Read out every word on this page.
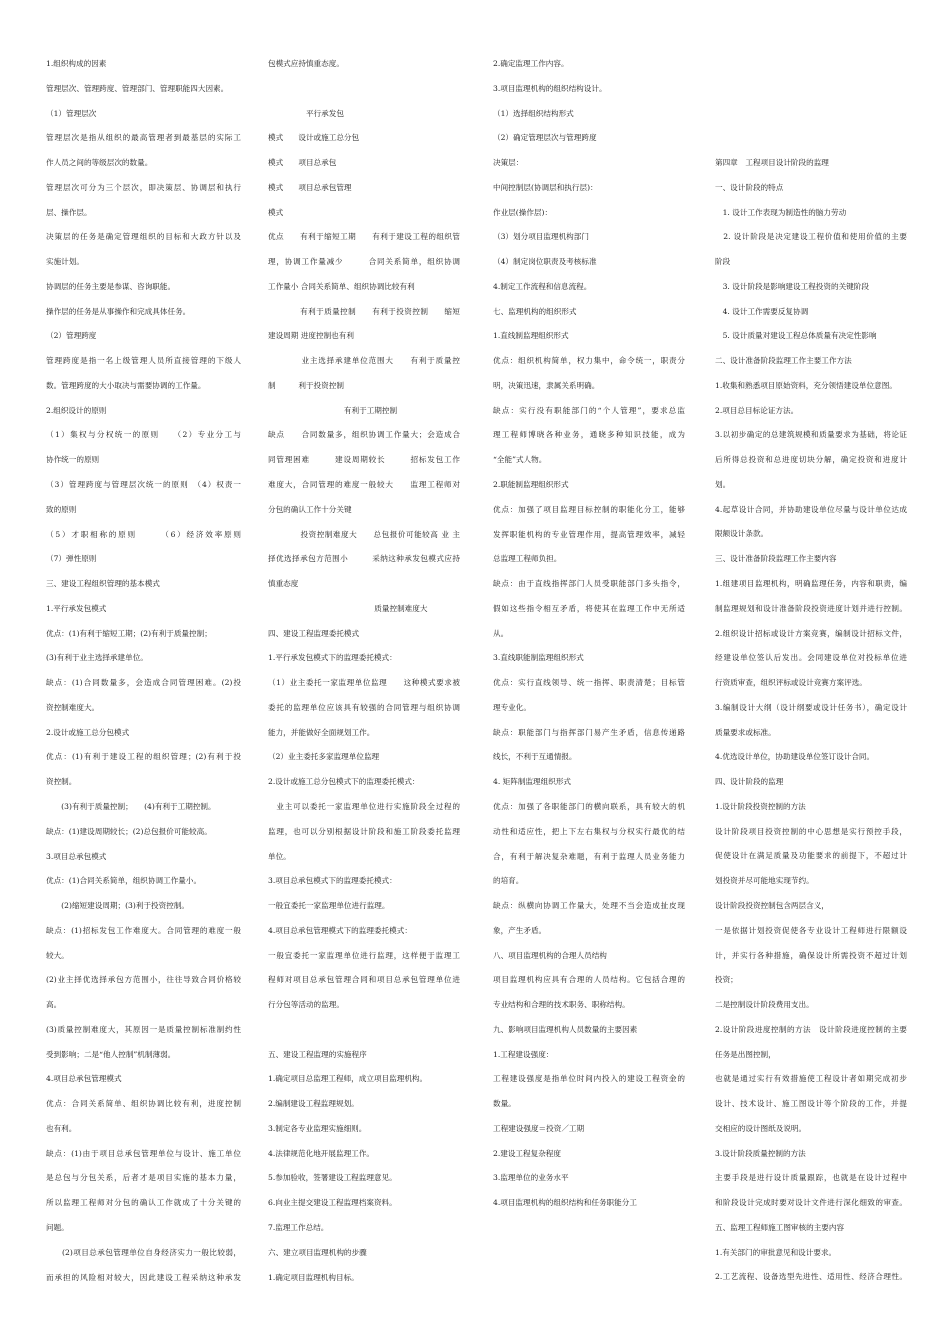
1.组织构成的因素
管理层次、管理跨度、管理部门、管理职能四大因素。
（1）管理层次
管理层次是指从组织的最高管理者到最基层的实际工
作人员之间的等级层次的数量。
管理层次可分为三个层次，即决策层、协调层和执行
层、操作层。
决策层的任务是确定管理组织的目标和大政方针以及
实施计划。
协调层的任务主要是参谋、咨询职能。
操作层的任务是从事操作和完成具体任务。
（2）管理跨度
管理跨度是指一名上级管理人员所直接管理的下级人
数。管理跨度的大小取决与需要协调的工作量。
2.组织设计的原则
（1）集权与分权统一的原则　　（2）专业分工与
协作统一的原则
（3）管理跨度与管理层次统一的原则　（4）权责一
致的原则
（5）才职相称的原则　　　（6）经济效率原则
（7）弹性原则
三、建设工程组织管理的基本模式
1.平行承发包模式
优点：(1)有利于缩短工期；(2)有利于质量控制；
(3)有利于业主选择承建单位。
缺点：(1)合同数量多，会造成合同管理困难。(2)投
资控制难度大。
2.设计或施工总分包模式
优点：(1)有利于建设工程的组织管理；(2)有利于投
资控制。
　　(3)有利于质量控制；　　(4)有利于工期控制。
缺点：(1)建设周期较长；(2)总包报价可能较高。
3.项目总承包模式
优点：(1)合同关系简单，组织协调工作量小。
　　(2)缩短建设周期；(3)利于投资控制。
缺点：(1)招标发包工作难度大。合同管理的难度一般
较大。
(2)业主择优选择承包方范围小，往往导致合同价格较
高。
(3)质量控制难度大，其原因一是质量控制标准制约性
受到影响；二是“他人控制”机制薄弱。
4.项目总承包管理模式
优点：合同关系简单、组织协调比较有利，进度控制
也有利。
缺点：(1)由于项目总承包管理单位与设计、施工单位
是总包与分包关系，后者才是项目实施的基本力量，
所以监理工程师对分包的确认工作就成了十分关键的
问题。
　　(2)项目总承包管理单位自身经济实力一般比较弱，
而承担的风险相对较大，因此建设工程采纳这种承发
包模式应持慎重态度。
　　　　　平行承发包
模式　　设计或施工总分包
模式　　项目总承包
模式　　项目总承包管理
模式
优点　　有利于缩短工期　　有利于建设工程的组织管
理，协调工作量减少　　　合同关系简单，组织协调
工作量小 合同关系简单、组织协调比较有利
　　　　有利于质量控制　　有利于投资控制　　缩短
建设周期 进度控制也有利
　　　　业主选择承建单位范围大　　有利于质量控
制　　　利于投资控制
　　　　　　　　　　有利于工期控制
缺点　　合同数量多，组织协调工作量大；会造成合
同管理困难　　　建设周期较长　　　招标发包工作
难度大，合同管理的难度一般较大　　监理工程师对
分包的确认工作十分关键
　　　　投资控制难度大　　总包报价可能较高 业 主
择优选择承包方范围小　　　采纳这种承发包模式应持
慎重态度
　　　　　　　　　　　　　　质量控制难度大
四、建设工程监理委托模式
1.平行承发包模式下的监理委托模式：
（1）业主委托一家监理单位监理　　这种模式要求被
委托的监理单位应该具有较强的合同管理与组织协调
能力，并能做好全面规划工作。
（2）业主委托多家监理单位监理
2.设计或施工总分包模式下的监理委托模式：
　业主可以委托一家监理单位进行实施阶段全过程的
监理，也可以分别根据设计阶段和施工阶段委托监理
单位。
3.项目总承包模式下的监理委托模式：
一般宜委托一家监理单位进行监理。
4.项目总承包管理模式下的监理委托模式：
一般宜委托一家监理单位进行监理，这样便于监理工
程师对项目总承包管理合同和项目总承包管理单位进
行分包等活动的监理。
五、建设工程监理的实施程序
1.确定项目总监理工程师，成立项目监理机构。
2.编制建设工程监理规划。
3.制定各专业监理实施细则。
4.法律规范化地开展监理工作。
5.参加验收，签署建设工程监理意见。
6.向业主提交建设工程监理档案资料。
7.监理工作总结。
六、建立项目监理机构的步骤
1.确定项目监理机构目标。
2.确定监理工作内容。
3.项目监理机构的组织结构设计。
（1）选择组织结构形式
（2）确定管理层次与管理跨度
决策层：
中间控制层(协调层和执行层)：
作业层(操作层)：
（3）划分项目监理机构部门
（4）制定岗位职责及考核标准
4.制定工作流程和信息流程。
七、监理机构的组织形式
1.直线制监理组织形式
优点：组织机构简单，权力集中，命令统一，职责分
明，决策迅速，隶属关系明确。
缺点：实行没有职能部门的“个人管理”，要求总监
理工程师博晓各种业务，通晓多种知识技能，成为
“全能”式人物。
2.职能制监理组织形式
优点：加强了项目监理目标控制的职能化分工，能够
发挥职能机构的专业管理作用，提高管理效率，减轻
总监理工程师负担。
缺点：由于直线指挥部门人员受职能部门多头指令，
假如这些指令相互矛盾，将使其在监理工作中无所适
从。
3.直线职能制监理组织形式
优点：实行直线领导、统一指挥、职责清楚；目标管
理专业化。
缺点：职能部门与指挥部门易产生矛盾，信息传递路
线长，不利于互通情报。
4. 矩阵制监理组织形式
优点：加强了各职能部门的横向联系，具有较大的机
动性和适应性，把上下左右集权与分权实行最优的结
合，有利于解决复杂难题，有利于监理人员业务能力
的培育。
缺点：纵横向协调工作量大，处理不当会造成扯皮现
象，产生矛盾。
八、项目监理机构的合理人员结构
项目监理机构应具有合理的人员结构。它包括合理的
专业结构和合理的技术职务、职称结构。
九、影响项目监理机构人员数量的主要因素
1.工程建设强度：
工程建设强度是指单位时间内投入的建设工程资金的
数量。
工程建设强度＝投资／工期
2.建设工程复杂程度
3.监理单位的业务水平
4.项目监理机构的组织结构和任务职能分工
第四章　工程项目设计阶段的监理
一、设计阶段的特点
　1. 设计工作表现为制造性的脑力劳动
　2. 设计阶段是决定建设工程价值和使用价值的主要
阶段
　3. 设计阶段是影响建设工程投资的关键阶段
　4. 设计工作需要反复协调
　5. 设计质量对建设工程总体质量有决定性影响
二、设计准备阶段监理工作主要工作方法
1.收集和熟悉项目原始资料，充分领悟建设单位意图。
2.项目总目标论证方法。
3.以初步确定的总建筑规模和质量要求为基础，将论证
后所得总投资和总进度切块分解，确定投资和进度计
划。
4.起草设计合同，并协助建设单位尽量与设计单位达成
限额设计条款。
三、设计准备阶段监理工作主要内容
1.组建项目监理机构，明确监理任务，内容和职责，编
制监理规划和设计准备阶段投资进度计划并进行控制。
2.组织设计招标或设计方案竞赛，编制设计招标文件，
经建设单位签认后发出。会同建设单位对投标单位进
行资质审查，组织评标或设计竞赛方案评选。
3.编制设计大纲（设计纲要或设计任务书），确定设计
质量要求或标准。
4.优选设计单位，协助建设单位签订设计合同。
四、设计阶段的监理
1.设计阶段投资控制的方法
设计阶段项目投资控制的中心思想是实行预控手段，
促使设计在满足质量及功能要求的前提下，不超过计
划投资并尽可能地实现节约。
设计阶段投资控制包含两层含义，
一是依据计划投资促使各专业设计工程师进行限额设
计，并实行各种措施，确保设计所需投资不超过计划
投资；
二是控制设计阶段费用支出。
2.设计阶段进度控制的方法　设计阶段进度控制的主要
任务是出图控制，
也就是通过实行有效措施使工程设计者如期完成初步
设计、技术设计、施工图设计等个阶段的工作，并提
交相应的设计图纸及说明。
3.设计阶段质量控制的方法
主要手段是进行设计质量跟踪，也就是在设计过程中
和阶段设计完成时要对设计文件进行深化细致的审查。
五、监理工程师施工图审核的主要内容
1.有关部门的审批意见和设计要求。
2.工艺流程、设备选型先进性、适用性、经济合理性。
